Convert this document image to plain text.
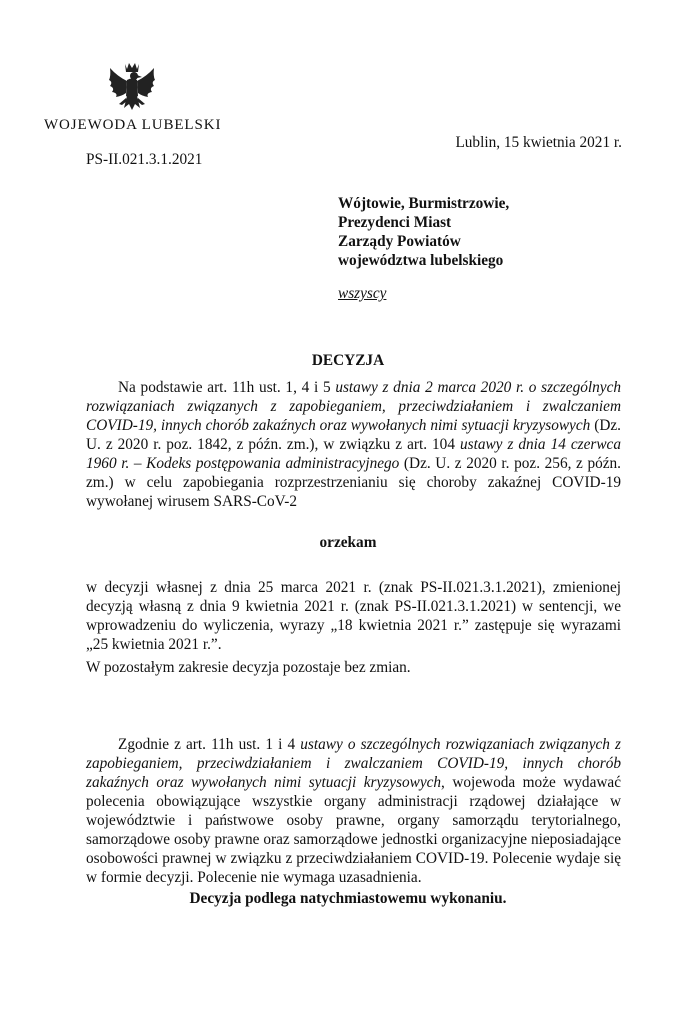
WOJEWODA LUBELSKI
Lublin, 15 kwietnia 2021 r.
PS-II.021.3.1.2021
Wójtowie, Burmistrzowie,
Prezydenci Miast
Zarządy Powiatów
województwa lubelskiego
wszyscy
DECYZJA
Na podstawie art. 11h ust. 1, 4 i 5 ustawy z dnia 2 marca 2020 r. o szczególnych rozwiązaniach związanych z zapobieganiem, przeciwdziałaniem i zwalczaniem COVID-19, innych chorób zakaźnych oraz wywołanych nimi sytuacji kryzysowych (Dz. U. z 2020 r. poz. 1842, z późn. zm.), w związku z art. 104 ustawy z dnia 14 czerwca 1960 r. – Kodeks postępowania administracyjnego (Dz. U. z 2020 r. poz. 256, z późn. zm.) w celu zapobiegania rozprzestrzenianiu się choroby zakaźnej COVID-19 wywołanej wirusem SARS-CoV-2
orzekam
w decyzji własnej z dnia 25 marca 2021 r. (znak PS-II.021.3.1.2021), zmienionej decyzją własną z dnia 9 kwietnia 2021 r. (znak PS-II.021.3.1.2021) w sentencji, we wprowadzeniu do wyliczenia, wyrazy „18 kwietnia 2021 r.” zastępuje się wyrazami „25 kwietnia 2021 r.”.
W pozostałym zakresie decyzja pozostaje bez zmian.
Zgodnie z art. 11h ust. 1 i 4 ustawy o szczególnych rozwiązaniach związanych z zapobieganiem, przeciwdziałaniem i zwalczaniem COVID-19, innych chorób zakaźnych oraz wywołanych nimi sytuacji kryzysowych, wojewoda może wydawać polecenia obowiązujące wszystkie organy administracji rządowej działające w województwie i państwowe osoby prawne, organy samorządu terytorialnego, samorządowe osoby prawne oraz samorządowe jednostki organizacyjne nieposiadające osobowości prawnej w związku z przeciwdziałaniem COVID-19. Polecenie wydaje się w formie decyzji. Polecenie nie wymaga uzasadnienia.
Decyzja podlega natychmiastowemu wykonaniu.
